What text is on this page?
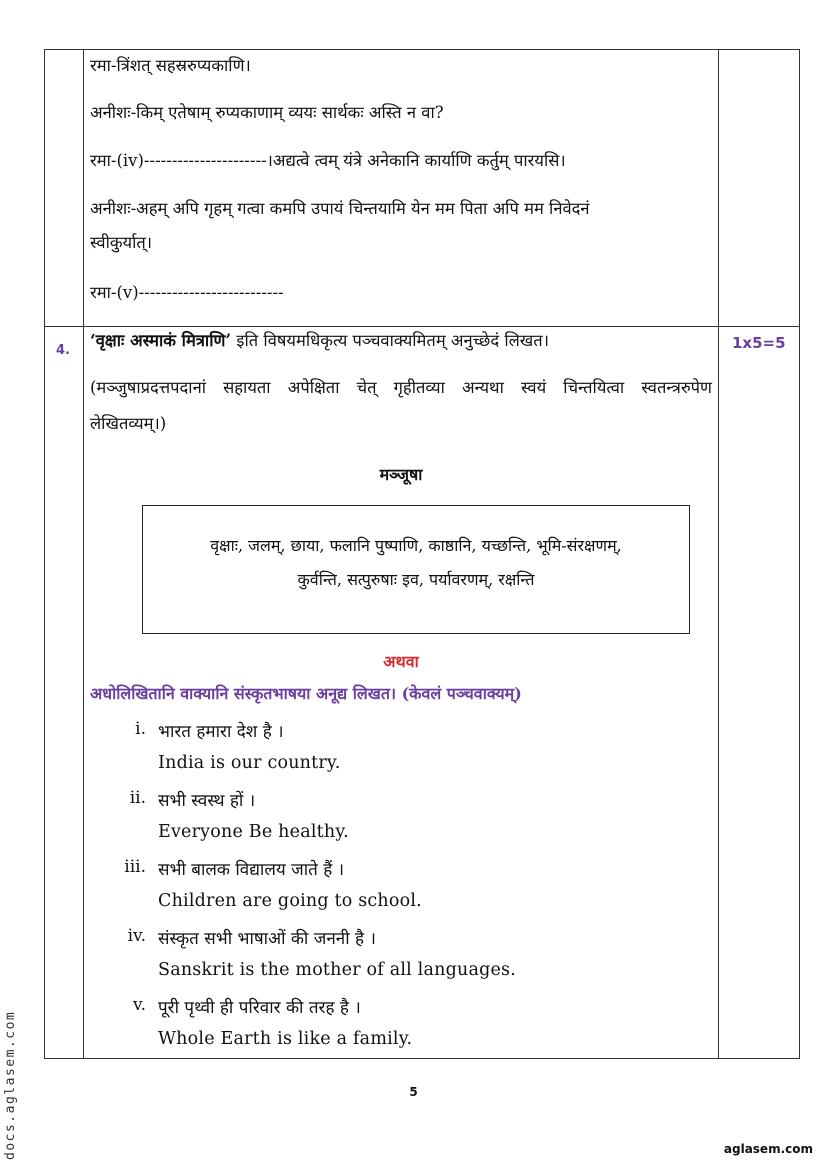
रमा-त्रिंशत् सहस्ररुप्यकाणि।
अनीशः-किम् एतेषाम् रुप्यकाणाम् व्ययः सार्थकः अस्ति न वा?
रमा-(iv)----------------------।अद्यत्वे त्वम् यंत्रे अनेकानि कार्याणि कर्तुम् पारयसि।
अनीशः-अहम् अपि गृहम् गत्वा कमपि उपायं चिन्तयामि येन मम पिता अपि मम निवेदनं
स्वीकुर्यात्।
रमा-(v)--------------------------
4.	1x5=5
‘वृक्षाः अस्माकं मित्राणि’ इति विषयमधिकृत्य पञ्चवाक्यमितम् अनुच्छेदं लिखत।
(मञ्जुषाप्रदत्तपदानां सहायता अपेक्षिता चेत् गृहीतव्या अन्यथा स्वयं चिन्तयित्वा स्वतन्त्ररुपेण
लेखितव्यम्।)
मञ्जूषा
वृक्षाः, जलम्, छाया, फलानि पुष्पाणि, काष्ठानि, यच्छन्ति, भूमि-संरक्षणम्,
कुर्वन्ति, सत्पुरुषाः इव, पर्यावरणम्, रक्षन्ति
अथवा
अधोलिखितानि वाक्यानि संस्कृतभाषया अनूद्य लिखत। (केवलं पञ्चवाक्यम्)
i. भारत हमारा देश है ।
India is our country.
ii. सभी स्वस्थ हों ।
Everyone Be healthy.
iii. सभी बालक विद्यालय जाते हैं ।
Children are going to school.
iv. संस्कृत सभी भाषाओं की जननी है ।
Sanskrit is the mother of all languages.
v. पूरी पृथ्वी ही परिवार की तरह है ।
Whole Earth is like a family.
5
aglasem.com
docs.aglasem.com
